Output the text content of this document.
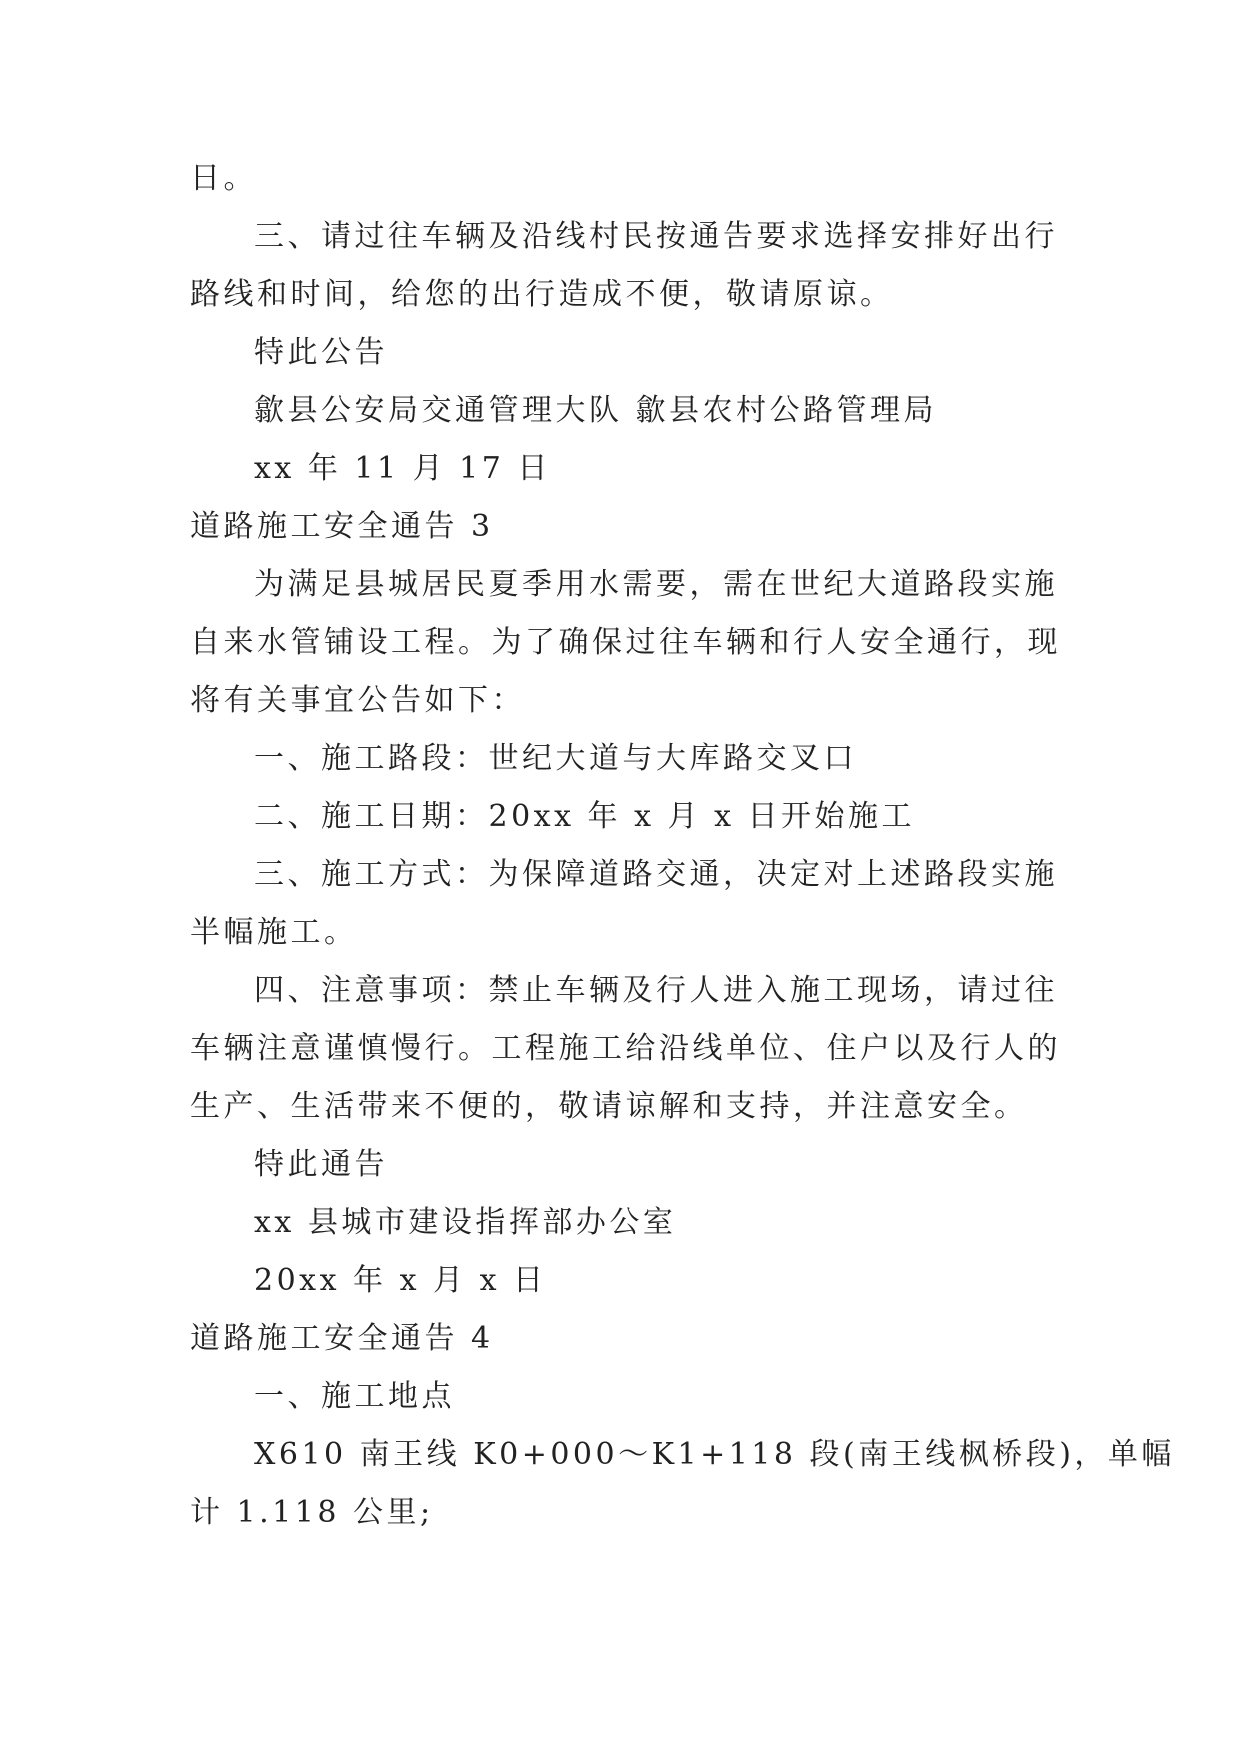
日。
三、请过往车辆及沿线村民按通告要求选择安排好出行
路线和时间，给您的出行造成不便，敬请原谅。
特此公告
歙县公安局交通管理大队 歙县农村公路管理局
xx 年 11 月 17 日
道路施工安全通告 3
为满足县城居民夏季用水需要，需在世纪大道路段实施
自来水管铺设工程。为了确保过往车辆和行人安全通行，现
将有关事宜公告如下：
一、施工路段：世纪大道与大库路交叉口
二、施工日期：20xx 年 x 月 x 日开始施工
三、施工方式：为保障道路交通，决定对上述路段实施
半幅施工。
四、注意事项：禁止车辆及行人进入施工现场，请过往
车辆注意谨慎慢行。工程施工给沿线单位、住户以及行人的
生产、生活带来不便的，敬请谅解和支持，并注意安全。
特此通告
xx 县城市建设指挥部办公室
20xx 年 x 月 x 日
道路施工安全通告 4
一、施工地点
X610 南王线 K0+000～K1+118 段(南王线枫桥段)，单幅
计 1.118 公里;
